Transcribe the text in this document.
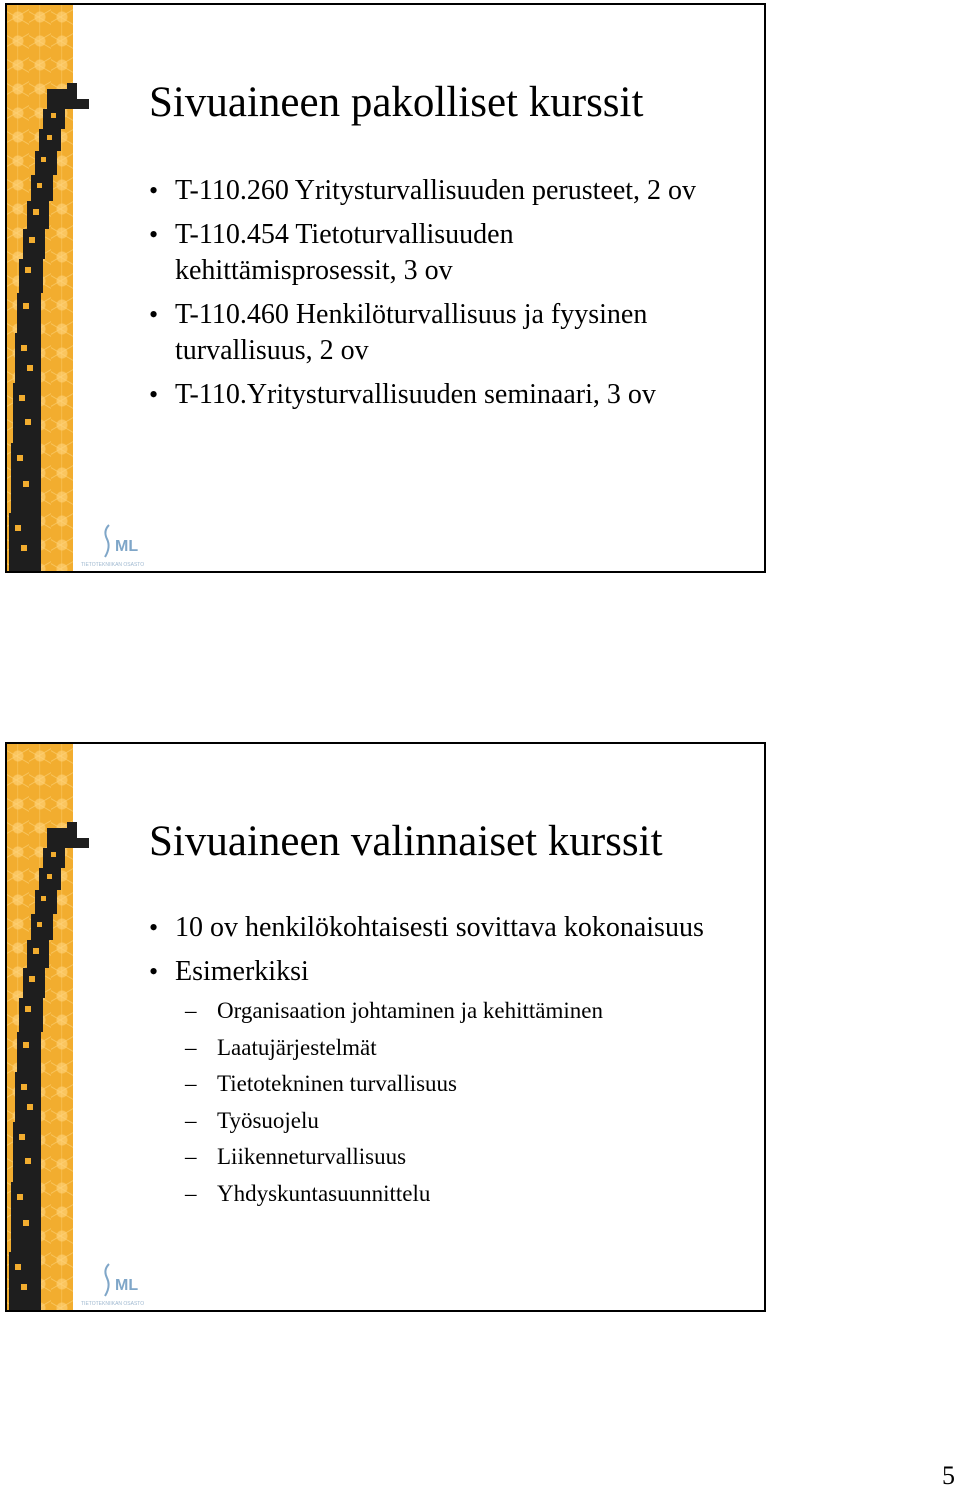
Sivuaineen pakolliset kurssit
• T-110.260 Yritysturvallisuuden perusteet, 2 ov
• T-110.454 Tietoturvallisuuden kehittämisprosessit, 3 ov
• T-110.460 Henkilöturvallisuus ja fyysinen turvallisuus, 2 ov
• T-110.Yritysturvallisuuden seminaari, 3 ov
ML
TIETOTEKNIIKAN OSASTO
Sivuaineen valinnaiset kurssit
• 10 ov henkilökohtaisesti sovittava kokonaisuus
• Esimerkiksi
– Organisaation johtaminen ja kehittäminen
– Laatujärjestelmät
– Tietotekninen turvallisuus
– Työsuojelu
– Liikenneturvallisuus
– Yhdyskuntasuunnittelu
ML
TIETOTEKNIIKAN OSASTO
5
